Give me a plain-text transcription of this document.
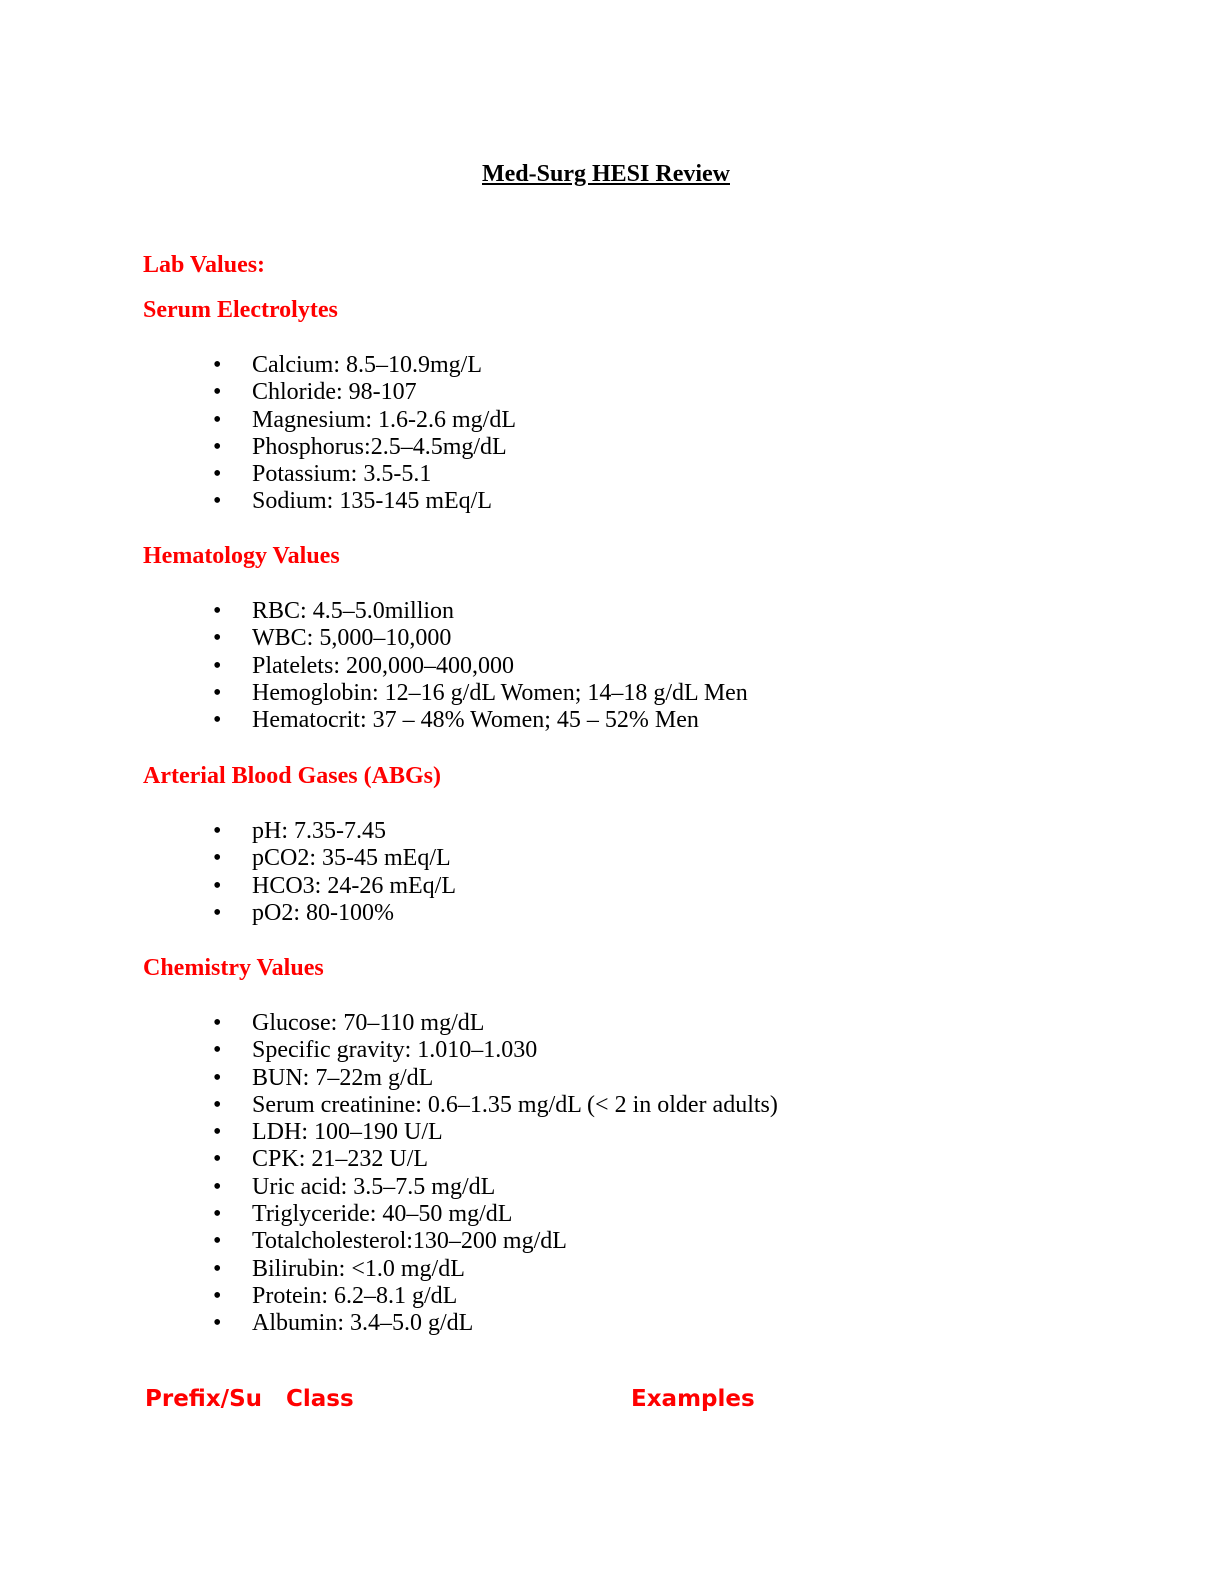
Med-Surg HESI Review
Lab Values:
Serum Electrolytes
• Calcium: 8.5–10.9mg/L
• Chloride: 98-107
• Magnesium: 1.6-2.6 mg/dL
• Phosphorus:2.5–4.5mg/dL
• Potassium: 3.5-5.1
• Sodium: 135-145 mEq/L
Hematology Values
• RBC: 4.5–5.0million
• WBC: 5,000–10,000
• Platelets: 200,000–400,000
• Hemoglobin: 12–16 g/dL Women; 14–18 g/dL Men
• Hematocrit: 37 – 48% Women; 45 – 52% Men
Arterial Blood Gases (ABGs)
• pH: 7.35-7.45
• pCO2: 35-45 mEq/L
• HCO3: 24-26 mEq/L
• pO2: 80-100%
Chemistry Values
• Glucose: 70–110 mg/dL
• Specific gravity: 1.010–1.030
• BUN: 7–22m g/dL
• Serum creatinine: 0.6–1.35 mg/dL (< 2 in older adults)
• LDH: 100–190 U/L
• CPK: 21–232 U/L
• Uric acid: 3.5–7.5 mg/dL
• Triglyceride: 40–50 mg/dL
• Totalcholesterol:130–200 mg/dL
• Bilirubin: <1.0 mg/dL
• Protein: 6.2–8.1 g/dL
• Albumin: 3.4–5.0 g/dL
Prefix/Su Class	Examples
